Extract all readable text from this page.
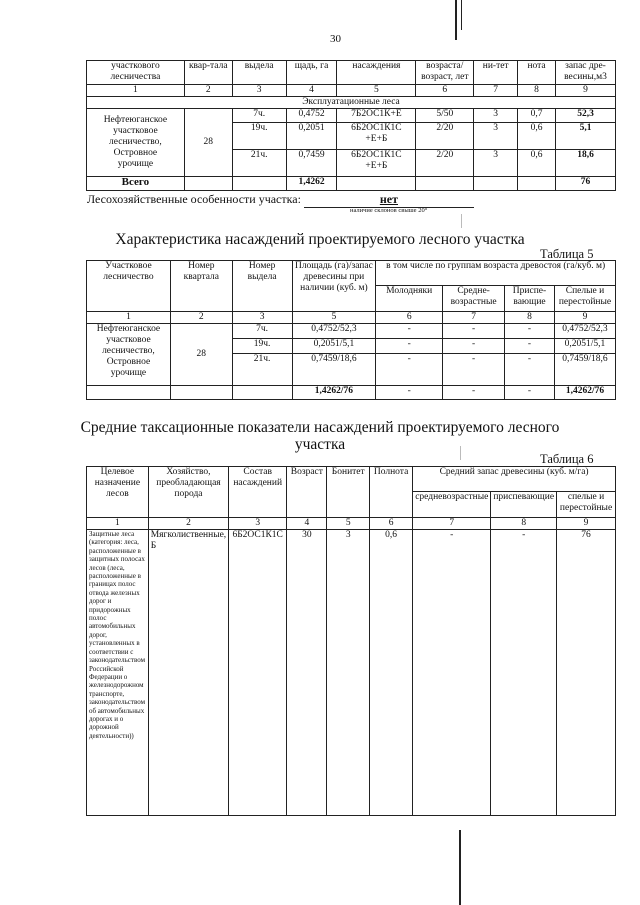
30
участкового лесничества	квар-тала	выдела	щадь, га	насаждения	возраста/ возраст, лет	ни-тет	нота	запас дре-весины,м3
1	2	3	4	5	6	7	8	9
Эксплуатационные леса								
Нефтеюганское
участковое
лесничество,
Островное
урочище	28	7ч.	0,4752	7Б2ОС1К+Е	5/50	3	0,7	52,3
		19ч.	0,2051	6Б2ОС1К1С +Е+Б	2/20	3	0,6	5,1
		21ч.	0,7459	6Б2ОС1К1С +Е+Б	2/20	3	0,6	18,6
Всего			1,4262					76
Лесохозяйственные особенности участка:	нет
наличие склонов свыше 20°
Характеристика насаждений проектируемого лесного участка
Таблица 5
Участковое лесничество	Номер квартала	Номер выдела	Площадь (га)/запас древесины при наличии (куб. м)	в том числе по группам возраста древостоя (га/куб. м)			
				Молодняки	Средне-возрастные	Приспе-вающие	Спелые и перестойные
1	2	3	5	6	7	8	9
Нефтеюганское
участковое
лесничество,
Островное
урочище	28	7ч.	0,4752/52,3	-	-	-	0,4752/52,3
		19ч.	0,2051/5,1	-	-	-	0,2051/5,1
		21ч.	0,7459/18,6	-	-	-	0,7459/18,6
			1,4262/76	-	-	-	1,4262/76
Средние таксационные показатели насаждений проектируемого лесного
участка
Таблица 6
Целевое назначение лесов	Хозяйство, преобладающая порода	Состав насаждений	Возраст	Бонитет	Полнота	Средний запас древесины (куб. м/га)		
						средневозрастные	приспевающие	спелые и перестойные
1	2	3	4	5	6	7	8	9
Защитные леса (категория: леса, расположенные в защитных полосах лесов (леса, расположенные в границах полос отвода железных дорог и придорожных полос автомобильных дорог, установленных в соответствии с законодательством Российской Федерации о железнодорожном транспорте, законодательством об автомобильных дорогах и о дорожной деятельности))	Мягколиственные, Б	6Б2ОС1К1С	30	3	0,6	-	-	76
